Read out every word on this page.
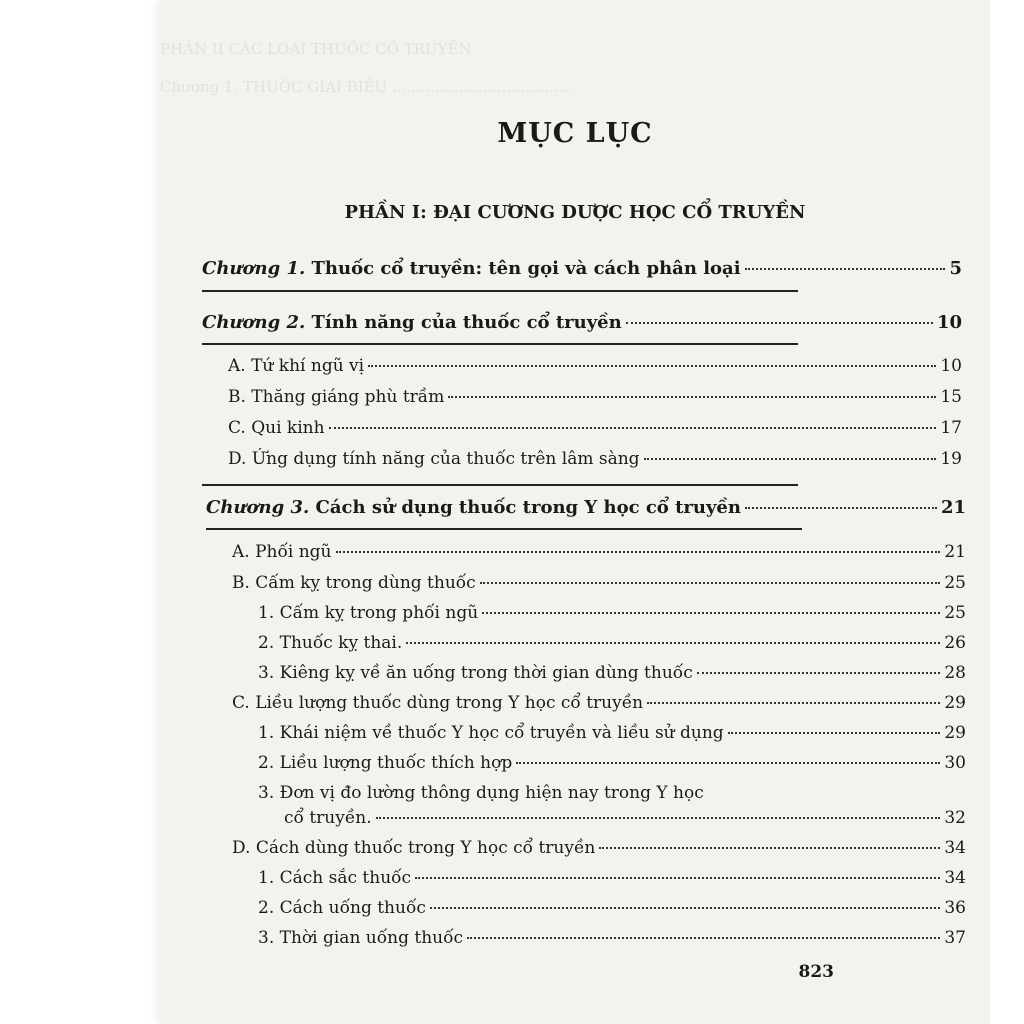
PHẦN II CÁC LOẠI THUỐC CỔ TRUYỀN
Chương 1. THUỐC GIẢI BIỂU ......................................
MỤC LỤC
PHẦN I: ĐẠI CƯƠNG DƯỢC HỌC CỔ TRUYỀN
Chương 1. Thuốc cổ truyền: tên gọi và cách phân loại	5
Chương 2. Tính năng của thuốc cổ truyền	10
A. Tứ khí ngũ vị	10
B. Thăng giáng phù trầm	15
C. Qui kinh	17
D. Ứng dụng tính năng của thuốc trên lâm sàng	19
Chương 3. Cách sử dụng thuốc trong Y học cổ truyền	21
A. Phối ngũ	21
B. Cấm kỵ trong dùng thuốc	25
1. Cấm kỵ trong phối ngũ	25
2. Thuốc kỵ thai.	26
3. Kiêng kỵ về ăn uống trong thời gian dùng thuốc	28
C. Liều lượng thuốc dùng trong Y học cổ truyền	29
1. Khái niệm về thuốc Y học cổ truyền và liều sử dụng	29
2. Liều lượng thuốc thích hợp	30
3. Đơn vị đo lường thông dụng hiện nay trong Y học
cổ truyền.	32
D. Cách dùng thuốc trong Y học cổ truyền	34
1. Cách sắc thuốc	34
2. Cách uống thuốc	36
3. Thời gian uống thuốc	37
823
